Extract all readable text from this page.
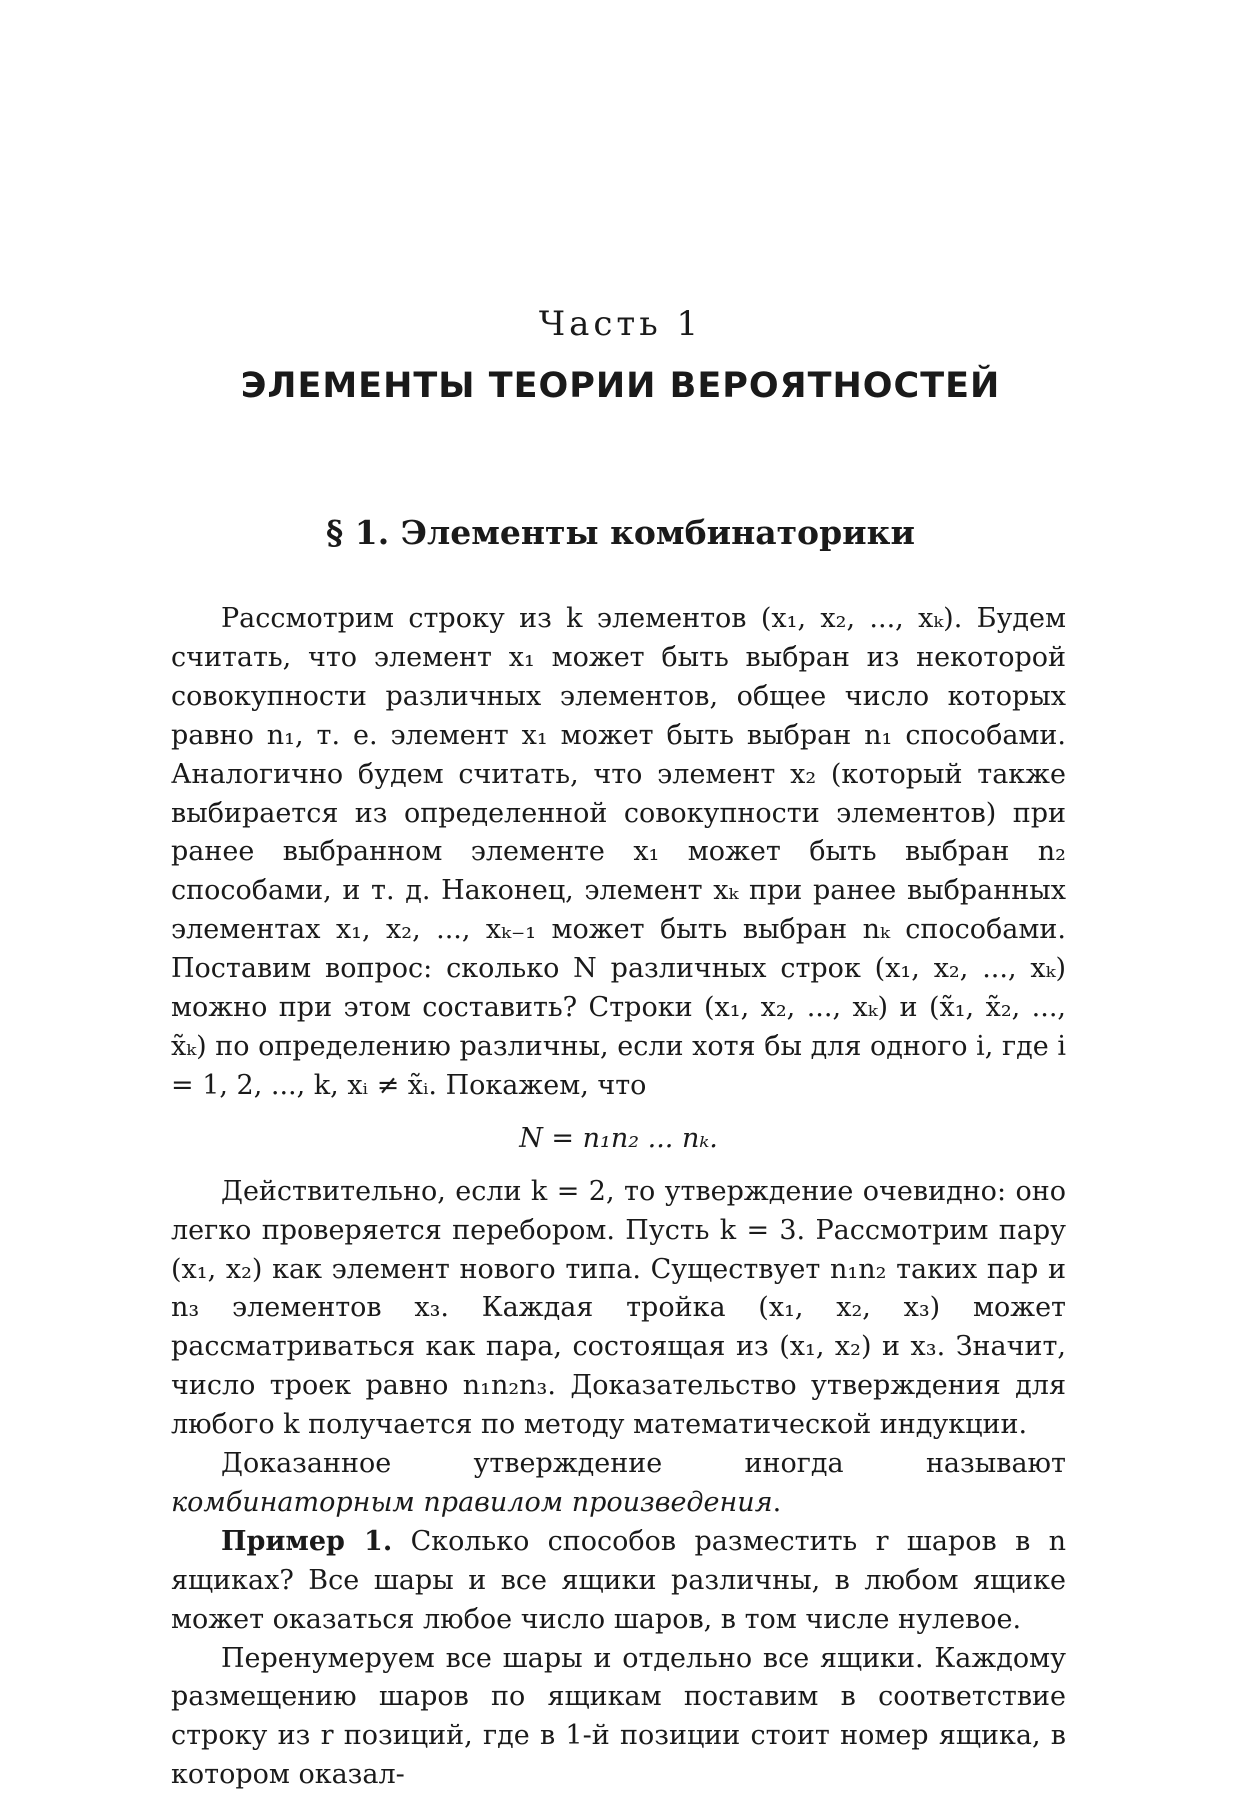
Часть 1
ЭЛЕМЕНТЫ ТЕОРИИ ВЕРОЯТНОСТЕЙ
§ 1. Элементы комбинаторики

Рассмотрим строку из k элементов (x₁, x₂, ..., xₖ). Будем считать, что элемент x₁ может быть выбран из некоторой совокупности различных элементов, общее число которых равно n₁, т. е. элемент x₁ может быть выбран n₁ способами. Аналогично будем считать, что элемент x₂ (который также выбирается из определенной совокупности элементов) при ранее выбранном элементе x₁ может быть выбран n₂ способами, и т. д. Наконец, элемент xₖ при ранее выбранных элементах x₁, x₂, ..., xₖ₋₁ может быть выбран nₖ способами. Поставим вопрос: сколько N различных строк (x₁, x₂, ..., xₖ) можно при этом составить? Строки (x₁, x₂, ..., xₖ) и (x̃₁, x̃₂, ..., x̃ₖ) по определению различны, если хотя бы для одного i, где i = 1, 2, ..., k, xᵢ ≠ x̃ᵢ. Покажем, что

N = n₁n₂ ... nₖ.

Действительно, если k = 2, то утверждение очевидно: оно легко проверяется перебором. Пусть k = 3. Рассмотрим пару (x₁, x₂) как элемент нового типа. Существует n₁n₂ таких пар и n₃ элементов x₃. Каждая тройка (x₁, x₂, x₃) может рассматриваться как пара, состоящая из (x₁, x₂) и x₃. Значит, число троек равно n₁n₂n₃. Доказательство утверждения для любого k получается по методу математической индукции.

Доказанное утверждение иногда называют комбинаторным правилом произведения.

Пример 1. Сколько способов разместить r шаров в n ящиках? Все шары и все ящики различны, в любом ящике может оказаться любое число шаров, в том числе нулевое.

Перенумеруем все шары и отдельно все ящики. Каждому размещению шаров по ящикам поставим в соответствие строку из r позиций, где в 1-й позиции стоит номер ящика, в котором оказал-
